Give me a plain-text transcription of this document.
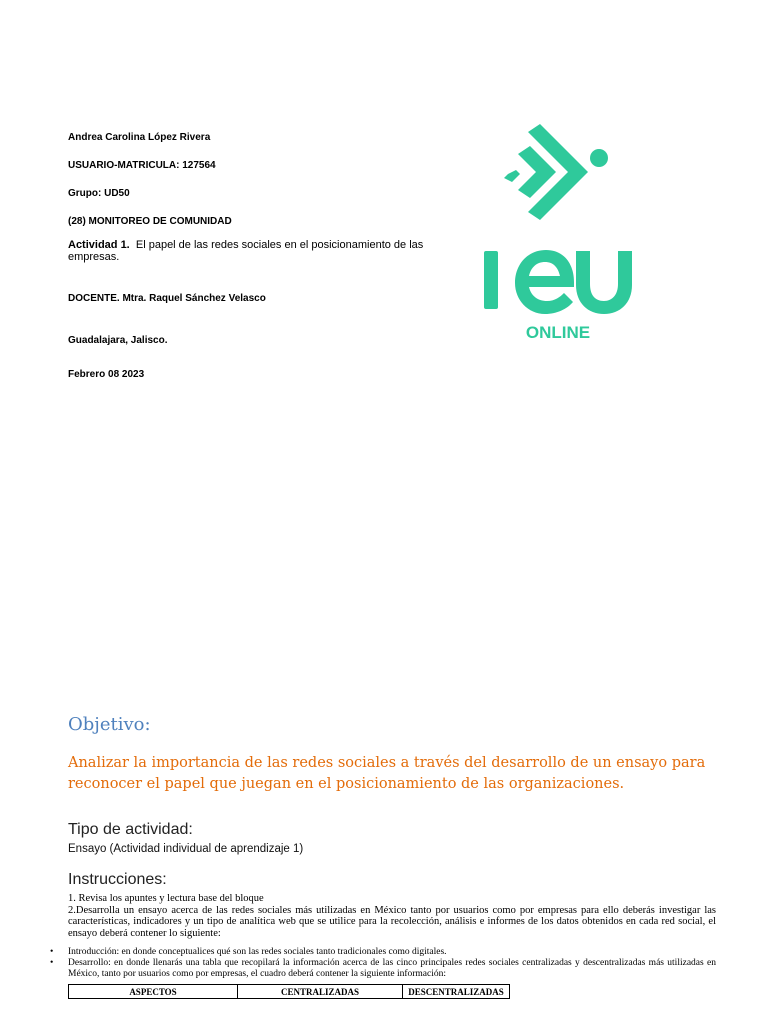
Andrea Carolina López Rivera
USUARIO-MATRICULA: 127564
Grupo: UD50
(28) MONITOREO DE COMUNIDAD
Actividad 1. El papel de las redes sociales en el posicionamiento de las empresas.
DOCENTE. Mtra. Raquel Sánchez Velasco
Guadalajara, Jalisco.
Febrero 08 2023
ONLINE
Objetivo:
Analizar la importancia de las redes sociales a través del desarrollo de un ensayo para reconocer el papel que juegan en el posicionamiento de las organizaciones.
Tipo de actividad:
Ensayo (Actividad individual de aprendizaje 1)
Instrucciones:

1. Revisa los apuntes y lectura base del bloque

2.Desarrolla un ensayo acerca de las redes sociales más utilizadas en México tanto por usuarios como por empresas para ello deberás investigar las características, indicadores y un tipo de analítica web que se utilice para la recolección, análisis e informes de los datos obtenidos en cada red social, el ensayo deberá contener lo siguiente:

• Introducción: en donde conceptualices qué son las redes sociales tanto tradicionales como digitales.
• Desarrollo: en donde llenarás una tabla que recopilará la información acerca de las cinco principales redes sociales centralizadas y descentralizadas más utilizadas en México, tanto por usuarios como por empresas, el cuadro deberá contener la siguiente información:
ASPECTOS	CENTRALIZADAS	DESCENTRALIZADAS
